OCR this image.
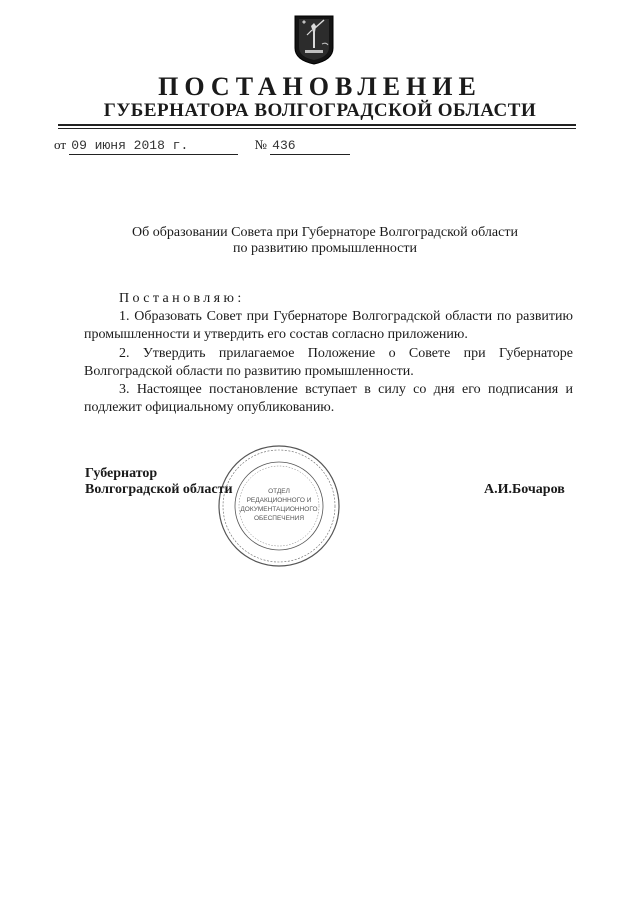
ПОСТАНОВЛЕНИЕ
ГУБЕРНАТОРА ВОЛГОГРАДСКОЙ ОБЛАСТИ
от 09 июня 2018 г.	№ 436
Об образовании Совета при Губернаторе Волгоградской области
по развитию промышленности

Постановляю:

1. Образовать Совет при Губернаторе Волгоградской области по развитию промышленности и утвердить его состав согласно приложению.

2. Утвердить прилагаемое Положение о Совете при Губернаторе Волгоградской области по развитию промышленности.

3. Настоящее постановление вступает в силу со дня его подписания и подлежит официальному опубликованию.

ОТДЕЛ
РЕДАКЦИОННОГО И
ДОКУМЕНТАЦИОННОГО
ОБЕСПЕЧЕНИЯ
Губернатор
Волгоградской области	А.И.Бочаров
